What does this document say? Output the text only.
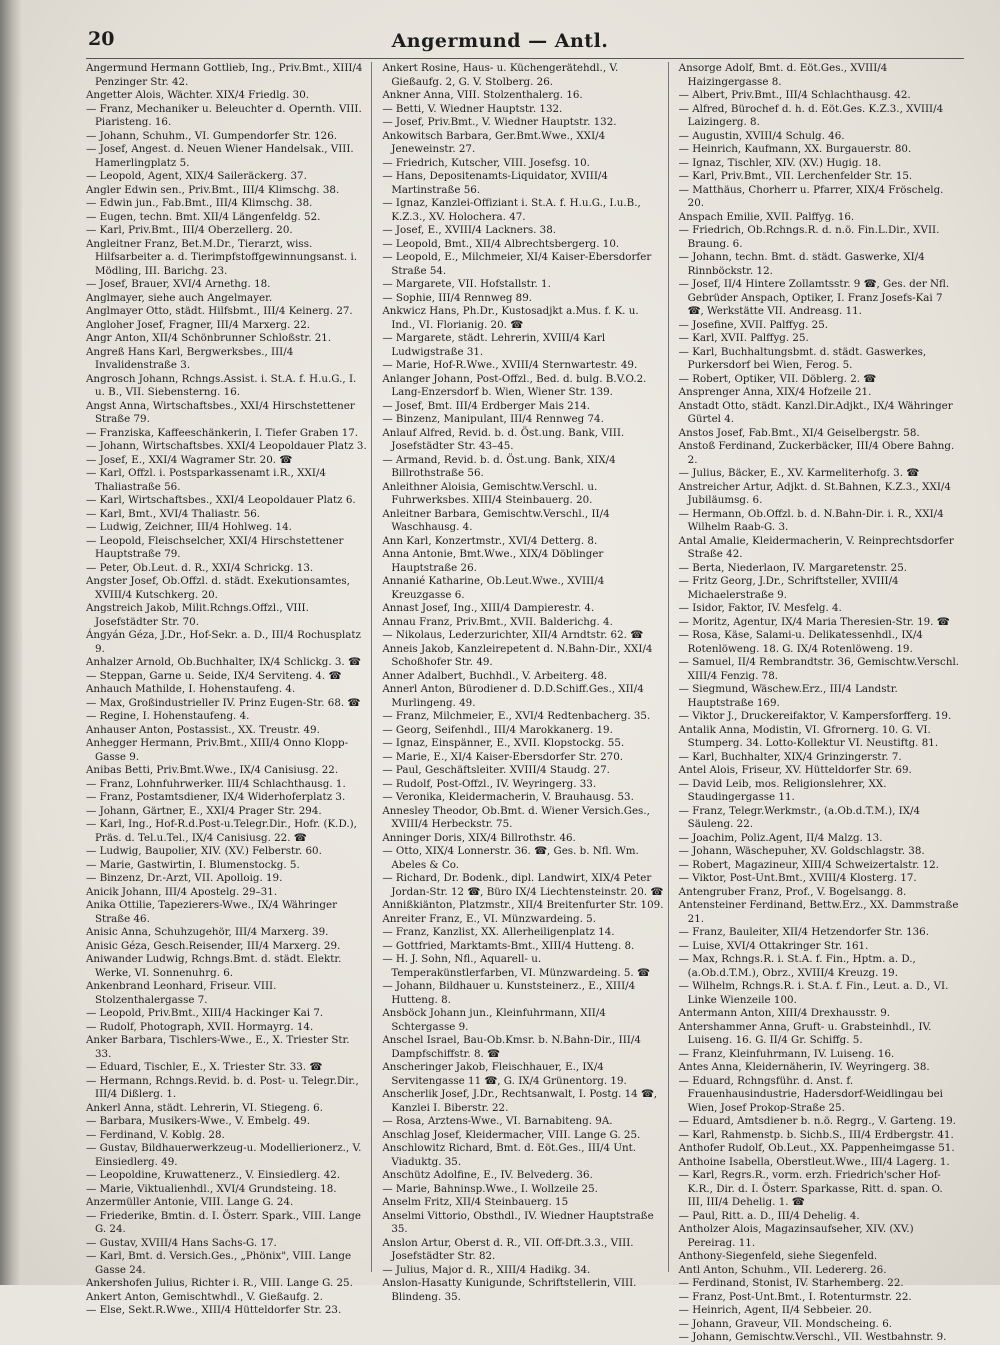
20	Angermund — Antl.

Angermund Hermann Gottlieb, Ing., Priv.Bmt., XIII/4 Penzinger Str. 42.

Angetter Alois, Wächter. XIX/4 Friedlg. 30.

— Franz, Mechaniker u. Beleuchter d. Opernth. VIII. Piaristeng. 16.

— Johann, Schuhm., VI. Gumpendorfer Str. 126.

— Josef, Angest. d. Neuen Wiener Handelsak., VIII. Hamerlingplatz 5.

— Leopold, Agent, XIX/4 Saileräckerg. 37.

Angler Edwin sen., Priv.Bmt., III/4 Klimschg. 38.

— Edwin jun., Fab.Bmt., III/4 Klimschg. 38.

— Eugen, techn. Bmt. XII/4 Längenfeldg. 52.

— Karl, Priv.Bmt., III/4 Oberzellerg. 20.

Angleitner Franz, Bet.M.Dr., Tierarzt, wiss. Hilfsarbeiter a. d. Tierimpfstoffgewinnungsanst. i. Mödling, III. Barichg. 23.

— Josef, Brauer, XVI/4 Arnethg. 18.

Anglmayer, siehe auch Angelmayer.

Anglmayer Otto, städt. Hilfsbmt., III/4 Keinerg. 27.

Angloher Josef, Fragner, III/4 Marxerg. 22.

Angr Anton, XII/4 Schönbrunner Schloßstr. 21.

Angreß Hans Karl, Bergwerksbes., III/4 Invalidenstraße 3.

Angrosch Johann, Rchngs.Assist. i. St.A. f. H.u.G., I. u. B., VII. Siebensterng. 16.

Angst Anna, Wirtschaftsbes., XXI/4 Hirschstettener Straße 79.

— Franziska, Kaffeeschänkerin, I. Tiefer Graben 17.

— Johann, Wirtschaftsbes. XXI/4 Leopoldauer Platz 3.

— Josef, E., XXI/4 Wagramer Str. 20. ☎

— Karl, Offzl. i. Postsparkassenamt i.R., XXI/4 Thaliastraße 56.

— Karl, Wirtschaftsbes., XXI/4 Leopoldauer Platz 6.

— Karl, Bmt., XVI/4 Thaliastr. 56.

— Ludwig, Zeichner, III/4 Hohlweg. 14.

— Leopold, Fleischselcher, XXI/4 Hirschstettener Hauptstraße 79.

— Peter, Ob.Leut. d. R., XXI/4 Schrickg. 13.

Angster Josef, Ob.Offzl. d. städt. Exekutionsamtes, XVIII/4 Kutschkerg. 20.

Angstreich Jakob, Milit.Rchngs.Offzl., VIII. Josefstädter Str. 70.

Ángyán Géza, J.Dr., Hof-Sekr. a. D., III/4 Rochusplatz 9.

Anhalzer Arnold, Ob.Buchhalter, IX/4 Schlickg. 3. ☎

— Steppan, Garne u. Seide, IX/4 Serviteng. 4. ☎

Anhauch Mathilde, I. Hohenstaufeng. 4.

— Max, Großindustrieller IV. Prinz Eugen-Str. 68. ☎

— Regine, I. Hohenstaufeng. 4.

Anhauser Anton, Postassist., XX. Treustr. 49.

Anhegger Hermann, Priv.Bmt., XIII/4 Onno Klopp-Gasse 9.

Anibas Betti, Priv.Bmt.Wwe., IX/4 Canisiusg. 22.

— Franz, Lohnfuhrwerker. III/4 Schlachthausg. 1.

— Franz, Postamtsdiener, IX/4 Widerhoferplatz 3.

— Johann, Gärtner, E., XXI/4 Prager Str. 294.

— Karl, Ing., Hof-R.d.Post-u.Telegr.Dir., Hofr. (K.D.), Präs. d. Tel.u.Tel., IX/4 Canisiusg. 22. ☎

— Ludwig, Baupolier, XIV. (XV.) Felberstr. 60.

— Marie, Gastwirtin, I. Blumenstockg. 5.

— Binzenz, Dr.-Arzt, VII. Apolloig. 19.

Anicik Johann, III/4 Apostelg. 29–31.

Anika Ottilie, Tapezierers-Wwe., IX/4 Währinger Straße 46.

Anisic Anna, Schuhzugehör, III/4 Marxerg. 39.

Anisic Géza, Gesch.Reisender, III/4 Marxerg. 29.

Aniwander Ludwig, Rchngs.Bmt. d. städt. Elektr. Werke, VI. Sonnenuhrg. 6.

Ankenbrand Leonhard, Friseur. VIII. Stolzenthalergasse 7.

— Leopold, Priv.Bmt., XIII/4 Hackinger Kai 7.

— Rudolf, Photograph, XVII. Hormayrg. 14.

Anker Barbara, Tischlers-Wwe., E., X. Triester Str. 33.

— Eduard, Tischler, E., X. Triester Str. 33. ☎

— Hermann, Rchngs.Revid. b. d. Post- u. Telegr.Dir., III/4 Dißlerg. 1.

Ankerl Anna, städt. Lehrerin, VI. Stiegeng. 6.

— Barbara, Musikers-Wwe., V. Embelg. 49.

— Ferdinand, V. Koblg. 28.

— Gustav, Bildhauerwerkzeug-u. Modellierionerz., V. Einsiedlerg. 49.

— Leopoldine, Kruwattenerz., V. Einsiedlerg. 42.

— Marie, Viktualienhdl., XVI/4 Grundsteing. 18.

Anzermüller Antonie, VIII. Lange G. 24.

— Friederike, Bmtin. d. I. Österr. Spark., VIII. Lange G. 24.

— Gustav, XVIII/4 Hans Sachs-G. 17.

— Karl, Bmt. d. Versich.Ges., „Phönix", VIII. Lange Gasse 24.

Ankershofen Julius, Richter i. R., VIII. Lange G. 25.

Ankert Anton, Gemischtwhdl., V. Gießaufg. 2.

— Else, Sekt.R.Wwe., XIII/4 Hütteldorfer Str. 23.

Ankert Rosine, Haus- u. Küchengerätehdl., V. Gießaufg. 2, G. V. Stolberg. 26.

Ankner Anna, VIII. Stolzenthalerg. 16.

— Betti, V. Wiedner Hauptstr. 132.

— Josef, Priv.Bmt., V. Wiedner Hauptstr. 132.

Ankowitsch Barbara, Ger.Bmt.Wwe., XXI/4 Jeneweinstr. 27.

— Friedrich, Kutscher, VIII. Josefsg. 10.

— Hans, Depositenamts-Liquidator, XVIII/4 Martinstraße 56.

— Ignaz, Kanzlei-Offiziant i. St.A. f. H.u.G., I.u.B., K.Z.3., XV. Holochera. 47.

— Josef, E., XVIII/4 Lackners. 38.

— Leopold, Bmt., XII/4 Albrechtsbergerg. 10.

— Leopold, E., Milchmeier, XI/4 Kaiser-Ebersdorfer Straße 54.

— Margarete, VII. Hofstallstr. 1.

— Sophie, III/4 Rennweg 89.

Ankwicz Hans, Ph.Dr., Kustosadjkt a.Mus. f. K. u. Ind., VI. Florianig. 20. ☎

— Margarete, städt. Lehrerin, XVIII/4 Karl Ludwigstraße 31.

— Marie, Hof-R.Wwe., XVIII/4 Sternwartestr. 49.

Anlanger Johann, Post-Offzl., Bed. d. bulg. B.V.O.2. Lang-Enzersdorf b. Wien, Wiener Str. 139.

— Josef, Bmt. III/4 Erdberger Mais 214.

— Binzenz, Manipulant, III/4 Rennweg 74.

Anlauf Alfred, Revid. b. d. Öst.ung. Bank, VIII. Josefstädter Str. 43–45.

— Armand, Revid. b. d. Öst.ung. Bank, XIX/4 Billrothstraße 56.

Anleithner Aloisia, Gemischtw.Verschl. u. Fuhrwerksbes. XIII/4 Steinbauerg. 20.

Anleitner Barbara, Gemischtw.Verschl., II/4 Waschhausg. 4.

Ann Karl, Konzertmstr., XVI/4 Detterg. 8.

Anna Antonie, Bmt.Wwe., XIX/4 Döblinger Hauptstraße 26.

Annanié Katharine, Ob.Leut.Wwe., XVIII/4 Kreuzgasse 6.

Annast Josef, Ing., XIII/4 Dampierestr. 4.

Annau Franz, Priv.Bmt., XVII. Balderichg. 4.

— Nikolaus, Lederzurichter, XII/4 Arndtstr. 62. ☎

Anneis Jakob, Kanzleirepetent d. N.Bahn-Dir., XXI/4 Schoßhofer Str. 49.

Anner Adalbert, Buchhdl., V. Arbeiterg. 48.

Annerl Anton, Bürodiener d. D.D.Schiff.Ges., XII/4 Murlingeng. 49.

— Franz, Milchmeier, E., XVI/4 Redtenbacherg. 35.

— Georg, Seifenhdl., III/4 Marokkanerg. 19.

— Ignaz, Einspänner, E., XVII. Klopstockg. 55.

— Marie, E., XI/4 Kaiser-Ebersdorfer Str. 270.

— Paul, Geschäftsleiter. XVIII/4 Staudg. 27.

— Rudolf, Post-Offzl., IV. Weyringerg. 33.

— Veronika, Kleidermacherin, V. Brauhausg. 53.

Annesley Theodor, Ob.Bmt. d. Wiener Versich.Ges., XVIII/4 Herbeckstr. 75.

Anninger Doris, XIX/4 Billrothstr. 46.

— Otto, XIX/4 Lonnerstr. 36. ☎, Ges. b. Nfl. Wm. Abeles & Co.

— Richard, Dr. Bodenk., dipl. Landwirt, XIX/4 Peter Jordan-Str. 12 ☎, Büro IX/4 Liechtensteinstr. 20. ☎

Annißkiänton, Platzmstr., XII/4 Breitenfurter Str. 109.

Anreiter Franz, E., VI. Münzwardeing. 5.

— Franz, Kanzlist, XX. Allerheiligenplatz 14.

— Gottfried, Marktamts-Bmt., XIII/4 Hutteng. 8.

— H. J. Sohn, Nfl., Aquarell- u. Temperakünstlerfarben, VI. Münzwardeing. 5. ☎

— Johann, Bildhauer u. Kunststeinerz., E., XIII/4 Hutteng. 8.

Ansböck Johann jun., Kleinfuhrmann, XII/4 Schtergasse 9.

Anschel Israel, Bau-Ob.Kmsr. b. N.Bahn-Dir., III/4 Dampfschiffstr. 8. ☎

Anscheringer Jakob, Fleischhauer, E., IX/4 Servitengasse 11 ☎, G. IX/4 Grünentorg. 19.

Anscherlik Josef, J.Dr., Rechtsanwalt, I. Postg. 14 ☎, Kanzlei I. Biberstr. 22.

— Rosa, Arztens-Wwe., VI. Barnabiteng. 9A.

Anschlag Josef, Kleidermacher, VIII. Lange G. 25.

Anschlowitz Richard, Bmt. d. Eöt.Ges., III/4 Unt. Viaduktg. 35.

Anschütz Adolfine, E., IV. Belvederg. 36.

— Marie, Bahninsp.Wwe., I. Wollzeile 25.

Anselm Fritz, XII/4 Steinbauerg. 15

Anselmi Vittorio, Obsthdl., IV. Wiedner Hauptstraße 35.

Anslon Artur, Oberst d. R., VII. Off-Dft.3.3., VIII. Josefstädter Str. 82.

— Julius, Major d. R., XIII/4 Hadikg. 34.

Anslon-Hasatty Kunigunde, Schriftstellerin, VIII. Blindeng. 35.

Ansorge Adolf, Bmt. d. Eöt.Ges., XVIII/4 Haizingergasse 8.

— Albert, Priv.Bmt., III/4 Schlachthausg. 42.

— Alfred, Bürochef d. h. d. Eöt.Ges. K.Z.3., XVIII/4 Laizingerg. 8.

— Augustin, XVIII/4 Schulg. 46.

— Heinrich, Kaufmann, XX. Burgauerstr. 80.

— Ignaz, Tischler, XIV. (XV.) Hugig. 18.

— Karl, Priv.Bmt., VII. Lerchenfelder Str. 15.

— Matthäus, Chorherr u. Pfarrer, XIX/4 Fröschelg. 20.

Anspach Emilie, XVII. Palffyg. 16.

— Friedrich, Ob.Rchngs.R. d. n.ö. Fin.L.Dir., XVII. Braung. 6.

— Johann, techn. Bmt. d. städt. Gaswerke, XI/4 Rinnböckstr. 12.

— Josef, II/4 Hintere Zollamtsstr. 9 ☎, Ges. der Nfl. Gebrüder Anspach, Optiker, I. Franz Josefs-Kai 7 ☎, Werkstätte VII. Andreasg. 11.

— Josefine, XVII. Palffyg. 25.

— Karl, XVII. Palffyg. 25.

— Karl, Buchhaltungsbmt. d. städt. Gaswerkes, Purkersdorf bei Wien, Ferog. 5.

— Robert, Optiker, VII. Döblerg. 2. ☎

Ansprenger Anna, XIX/4 Hofzeile 21.

Anstadt Otto, städt. Kanzl.Dir.Adjkt., IX/4 Währinger Gürtel 4.

Anstos Josef, Fab.Bmt., XI/4 Geiselbergstr. 58.

Anstoß Ferdinand, Zuckerbäcker, III/4 Obere Bahng. 2.

— Julius, Bäcker, E., XV. Karmeliterhofg. 3. ☎

Anstreicher Artur, Adjkt. d. St.Bahnen, K.Z.3., XXI/4 Jubiläumsg. 6.

— Hermann, Ob.Offzl. b. d. N.Bahn-Dir. i. R., XXI/4 Wilhelm Raab-G. 3.

Antal Amalie, Kleidermacherin, V. Reinprechtsdorfer Straße 42.

— Berta, Niederlaon, IV. Margaretenstr. 25.

— Fritz Georg, J.Dr., Schriftsteller, XVIII/4 Michaelerstraße 9.

— Isidor, Faktor, IV. Mesfelg. 4.

— Moritz, Agentur, IX/4 Maria Theresien-Str. 19. ☎

— Rosa, Käse, Salami-u. Delikatessenhdl., IX/4 Rotenlöweng. 18. G. IX/4 Rotenlöweng. 19.

— Samuel, II/4 Rembrandtstr. 36, Gemischtw.Verschl. XIII/4 Fenzig. 78.

— Siegmund, Wäschew.Erz., III/4 Landstr. Hauptstraße 169.

— Viktor J., Druckereifaktor, V. Kampersforfferg. 19.

Antalik Anna, Modistin, VI. Gfrornerg. 10. G. VI. Stumperg. 34. Lotto-Kollektur VI. Neustiftg. 81.

— Karl, Buchhalter, XIX/4 Grinzingerstr. 7.

Antel Alois, Friseur, XV. Hütteldorfer Str. 69.

— David Leib, mos. Religionslehrer, XX. Staudingergasse 11.

— Franz, Telegr.Werkmstr., (a.Ob.d.T.M.), IX/4 Säuleng. 22.

— Joachim, Poliz.Agent, II/4 Malzg. 13.

— Johann, Wäschepuher, XV. Goldschlagstr. 38.

— Robert, Magazineur, XIII/4 Schweizertalstr. 12.

— Viktor, Post-Unt.Bmt., XVIII/4 Klosterg. 17.

Antengruber Franz, Prof., V. Bogelsangg. 8.

Antensteiner Ferdinand, Bettw.Erz., XX. Dammstraße 21.

— Franz, Bauleiter, XII/4 Hetzendorfer Str. 136.

— Luise, XVI/4 Ottakringer Str. 161.

— Max, Rchngs.R. i. St.A. f. Fin., Hptm. a. D., (a.Ob.d.T.M.), Obrz., XVIII/4 Kreuzg. 19.

— Wilhelm, Rchngs.R. i. St.A. f. Fin., Leut. a. D., VI. Linke Wienzeile 100.

Antermann Anton, XIII/4 Drexhausstr. 9.

Antershammer Anna, Gruft- u. Grabsteinhdl., IV. Luiseng. 16. G. II/4 Gr. Schiffg. 5.

— Franz, Kleinfuhrmann, IV. Luiseng. 16.

Antes Anna, Kleidernäherin, IV. Weyringerg. 38.

— Eduard, Rchngsführ. d. Anst. f. Frauenhausindustrie, Hadersdorf-Weidlingau bei Wien, Josef Prokop-Straße 25.

— Eduard, Amtsdiener b. n.ö. Regrg., V. Garteng. 19.

— Karl, Rahmenstp. b. Sichb.S., III/4 Erdbergstr. 41.

Anthofer Rudolf, Ob.Leut., XX. Pappenheimgasse 51.

Anthoine Isabella, Oberstleut.Wwe., III/4 Lagerg. 1.

— Karl, Regrs.R., vorm. erzh. Friedrich'scher Hof-K.R., Dir. d. I. Österr. Sparkasse, Ritt. d. span. O. III, III/4 Dehelig. 1. ☎

— Paul, Ritt. a. D., III/4 Dehelig. 4.

Antholzer Alois, Magazinsaufseher, XIV. (XV.) Pereirag. 11.

Anthony-Siegenfeld, siehe Siegenfeld.

Antl Anton, Schuhm., VII. Ledererg. 26.

— Ferdinand, Stonist, IV. Starhemberg. 22.

— Franz, Post-Unt.Bmt., I. Rotenturmstr. 22.

— Heinrich, Agent, II/4 Sebbeier. 20.

— Johann, Graveur, VII. Mondscheing. 6.

— Johann, Gemischtw.Verschl., VII. Westbahnstr. 9.
